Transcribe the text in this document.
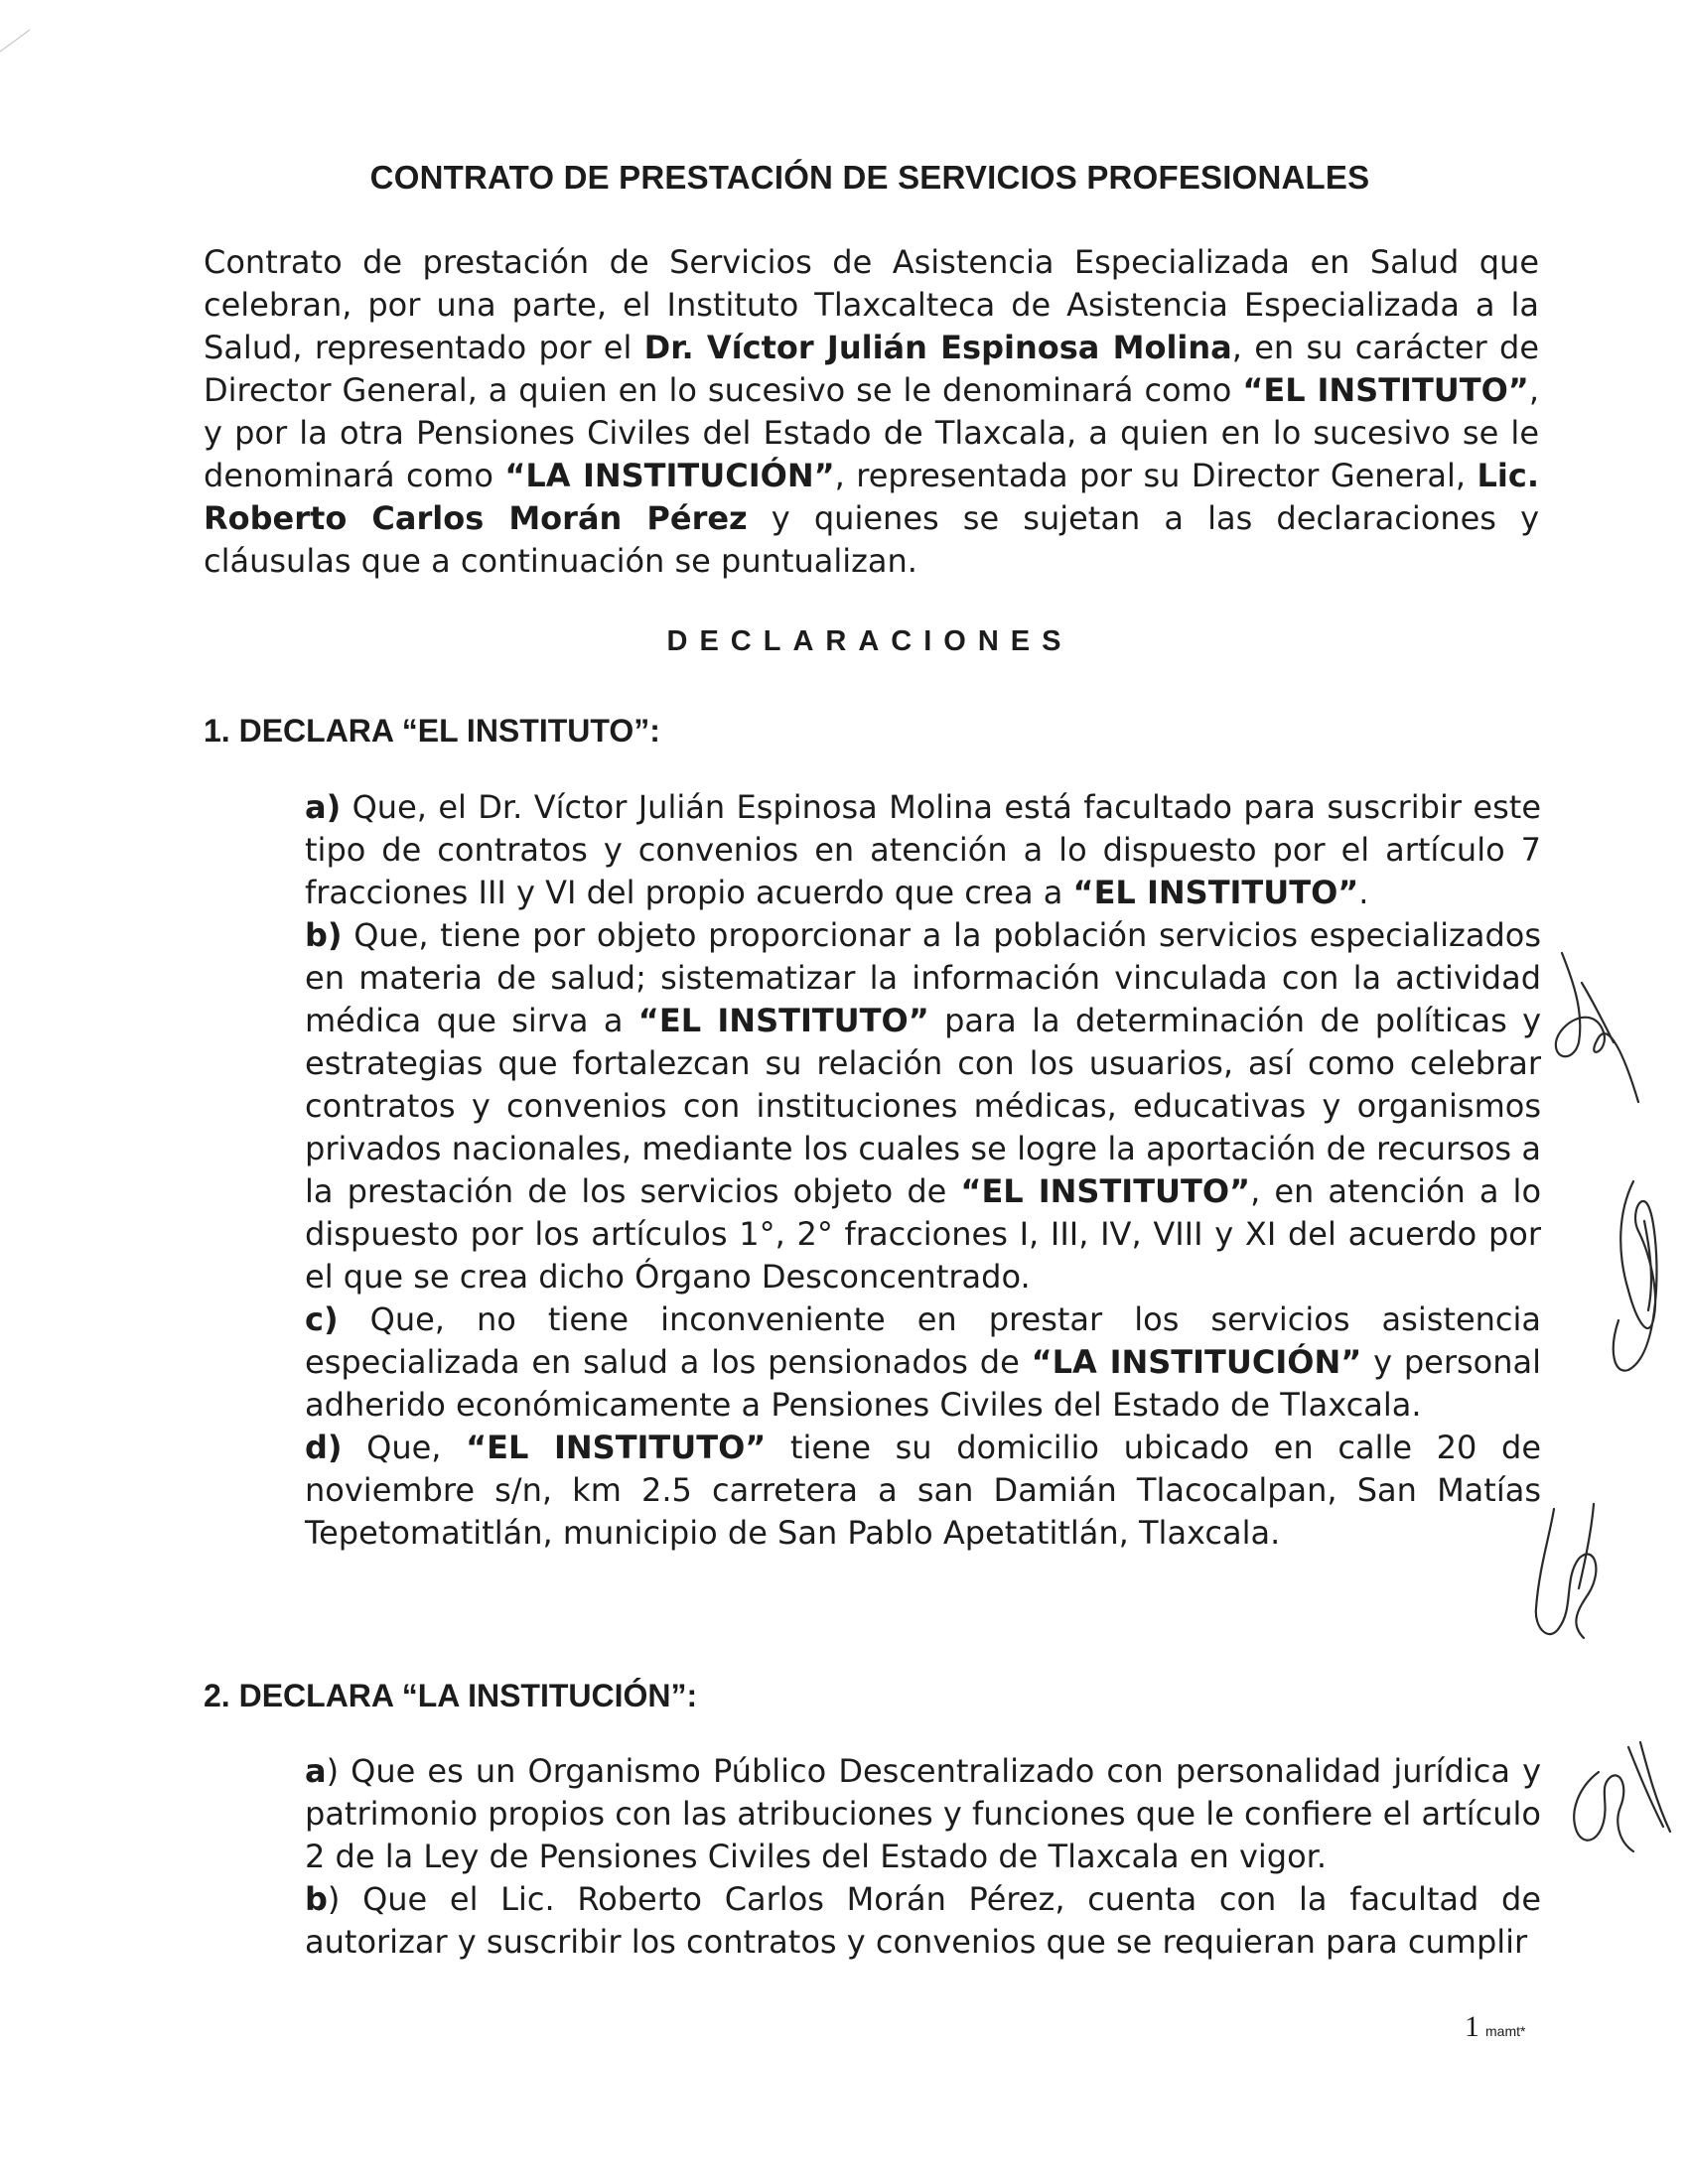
CONTRATO DE PRESTACIÓN DE SERVICIOS PROFESIONALES

Contrato de prestación de Servicios de Asistencia Especializada en Salud que celebran, por una parte, el Instituto Tlaxcalteca de Asistencia Especializada a la Salud, representado por el Dr. Víctor Julián Espinosa Molina, en su carácter de Director General, a quien en lo sucesivo se le denominará como “EL INSTITUTO”, y por la otra Pensiones Civiles del Estado de Tlaxcala, a quien en lo sucesivo se le denominará como “LA INSTITUCIÓN”, representada por su Director General, Lic. Roberto Carlos Morán Pérez y quienes se sujetan a las declaraciones y cláusulas que a continuación se puntualizan.

DECLARACIONES
1. DECLARA “EL INSTITUTO”:

a) Que, el Dr. Víctor Julián Espinosa Molina está facultado para suscribir este tipo de contratos y convenios en atención a lo dispuesto por el artículo 7 fracciones III y VI del propio acuerdo que crea a “EL INSTITUTO”.

b) Que, tiene por objeto proporcionar a la población servicios especializados en materia de salud; sistematizar la información vinculada con la actividad médica que sirva a “EL INSTITUTO” para la determinación de políticas y estrategias que fortalezcan su relación con los usuarios, así como celebrar contratos y convenios con instituciones médicas, educativas y organismos privados nacionales, mediante los cuales se logre la aportación de recursos a la prestación de los servicios objeto de “EL INSTITUTO”, en atención a lo dispuesto por los artículos 1°, 2° fracciones I, III, IV, VIII y XI del acuerdo por el que se crea dicho Órgano Desconcentrado.

c) Que, no tiene inconveniente en prestar los servicios asistencia especializada en salud a los pensionados de “LA INSTITUCIÓN” y personal adherido económicamente a Pensiones Civiles del Estado de Tlaxcala.

d) Que, “EL INSTITUTO” tiene su domicilio ubicado en calle 20 de noviembre s/n, km 2.5 carretera a san Damián Tlacocalpan, San Matías Tepetomatitlán, municipio de San Pablo Apetatitlán, Tlaxcala.

2. DECLARA “LA INSTITUCIÓN”:

a) Que es un Organismo Público Descentralizado con personalidad jurídica y patrimonio propios con las atribuciones y funciones que le confiere el artículo 2 de la Ley de Pensiones Civiles del Estado de Tlaxcala en vigor.

b) Que el Lic. Roberto Carlos Morán Pérez, cuenta con la facultad de autorizar y suscribir los contratos y convenios que se requieran para cumplir

1 mamt*
